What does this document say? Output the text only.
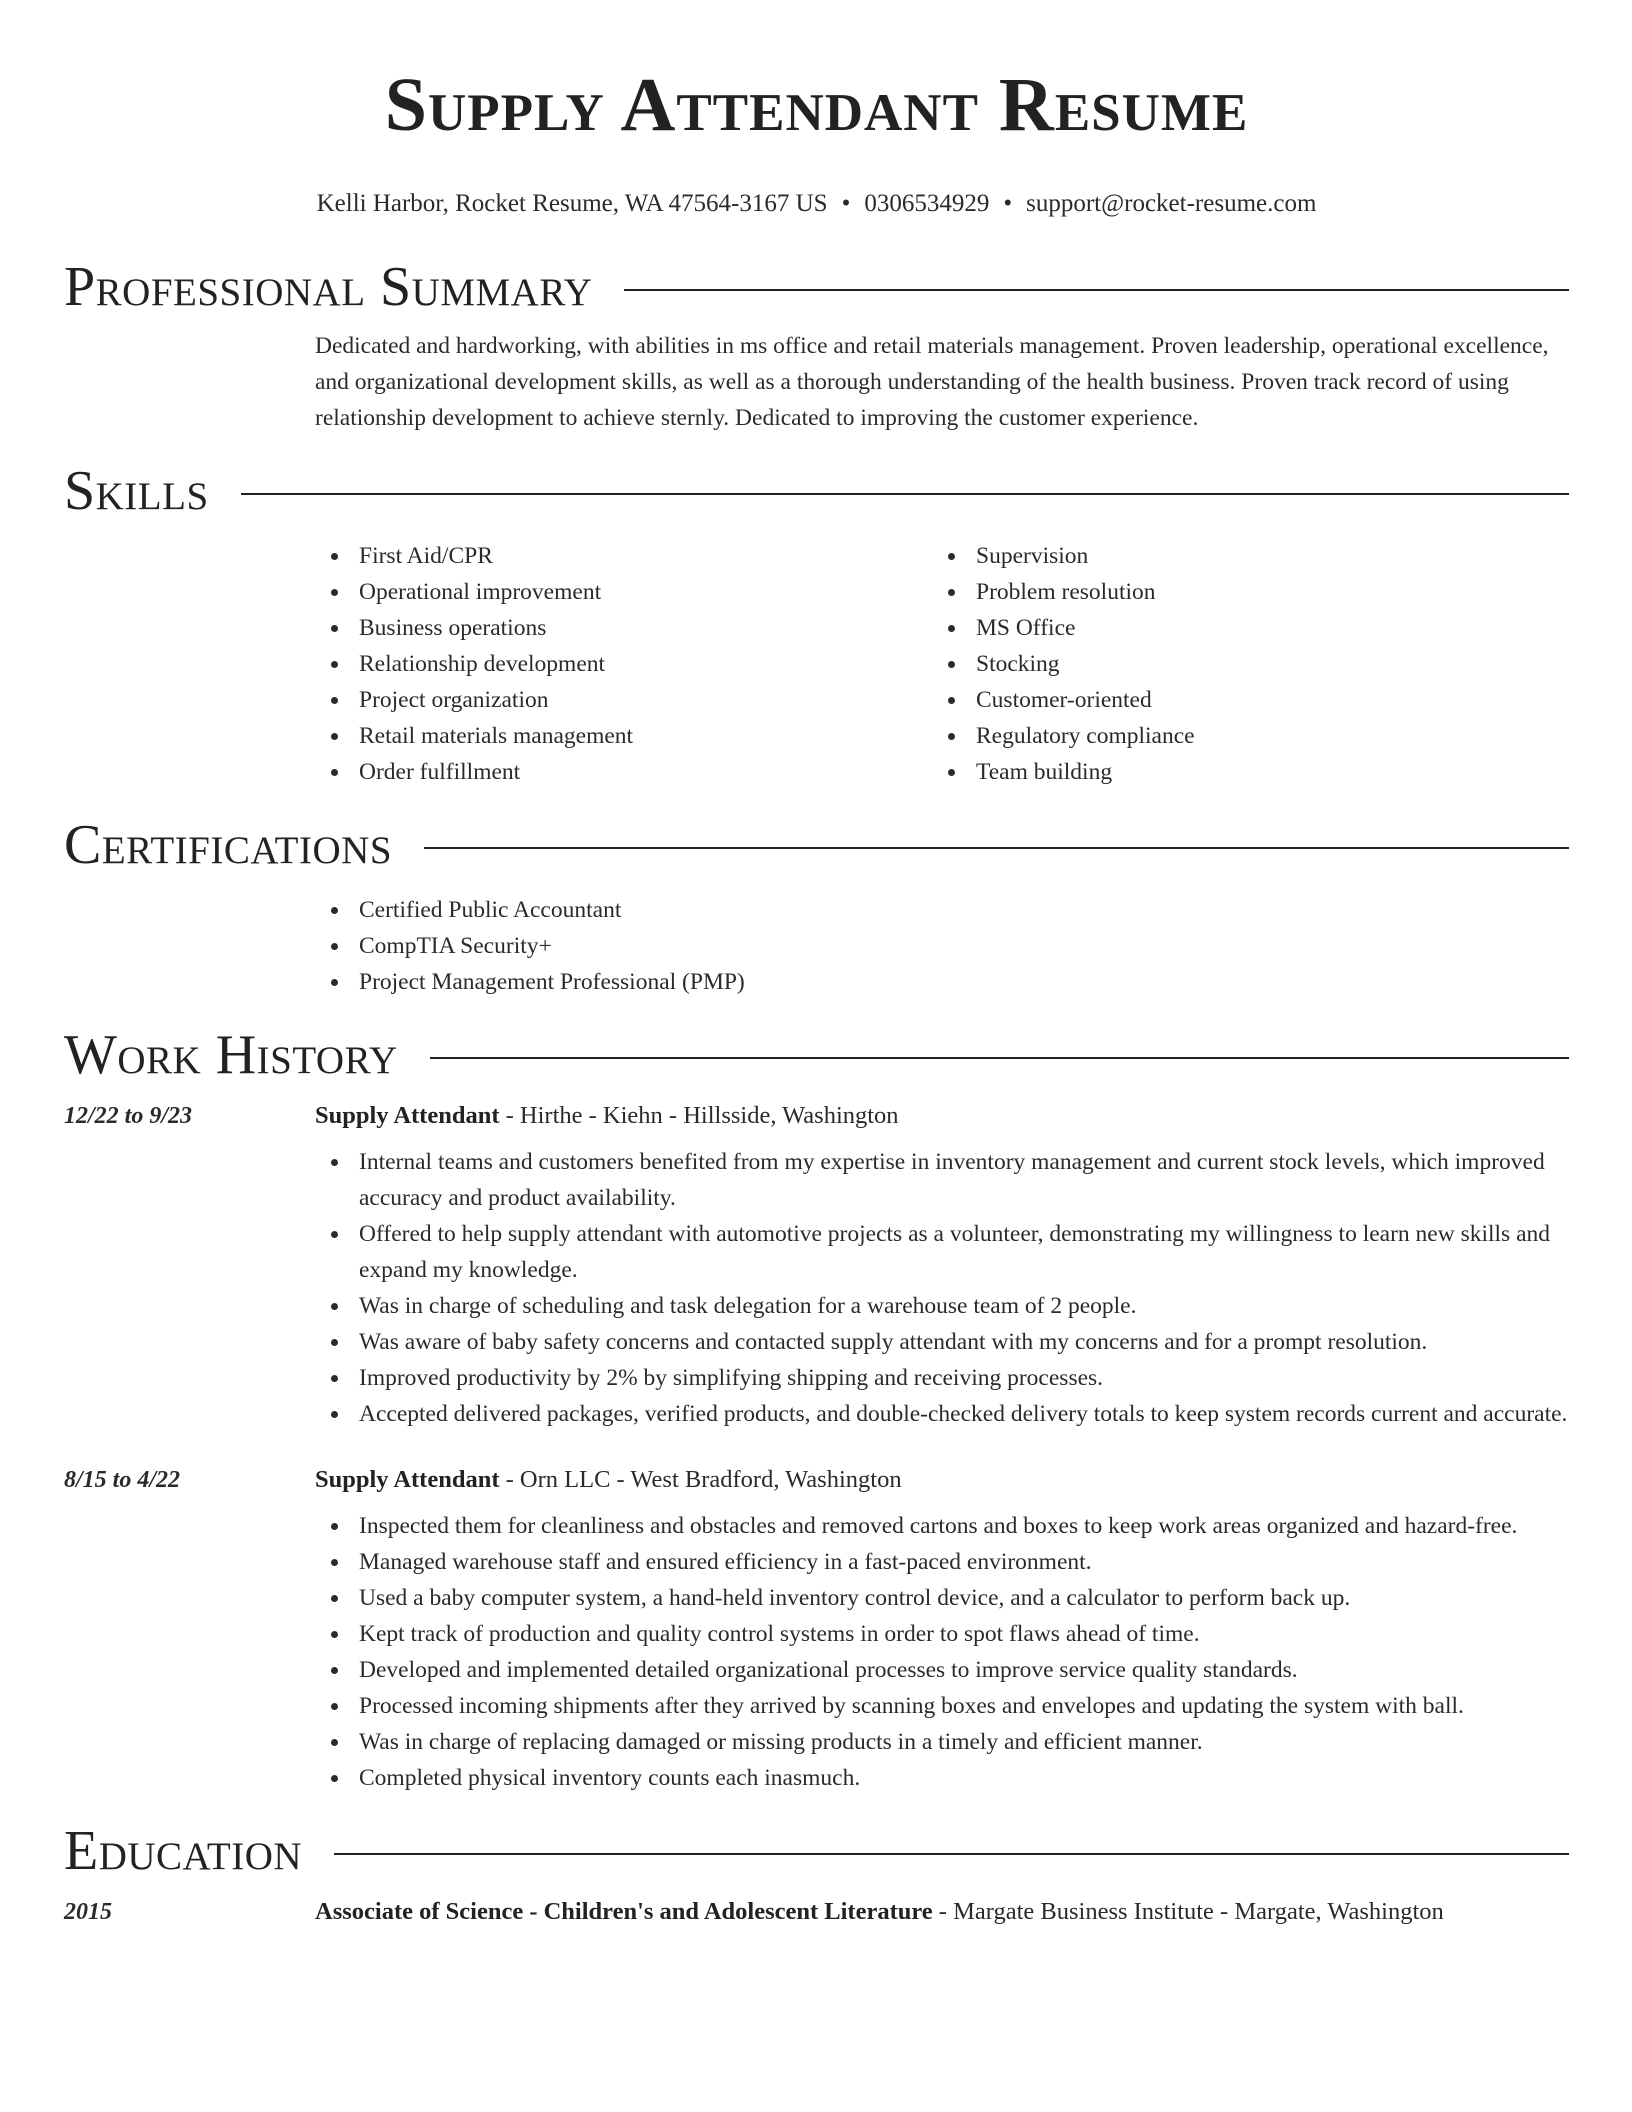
Supply Attendant Resume
Kelli Harbor, Rocket Resume, WA 47564-3167 US • 0306534929 • support@rocket-resume.com
Professional Summary

Dedicated and hardworking, with abilities in ms office and retail materials management. Proven leadership, operational excellence, and organizational development skills, as well as a thorough understanding of the health business. Proven track record of using relationship development to achieve sternly. Dedicated to improving the customer experience.

Skills
First Aid/CPR
Operational improvement
Business operations
Relationship development
Project organization
Retail materials management
Order fulfillment
Supervision
Problem resolution
MS Office
Stocking
Customer-oriented
Regulatory compliance
Team building
Certifications
Certified Public Accountant
CompTIA Security+
Project Management Professional (PMP)
Work History
12/22 to 9/23	Supply Attendant - Hirthe - Kiehn - Hillsside, Washington
Internal teams and customers benefited from my expertise in inventory management and current stock levels, which improved accuracy and product availability.
Offered to help supply attendant with automotive projects as a volunteer, demonstrating my willingness to learn new skills and expand my knowledge.
Was in charge of scheduling and task delegation for a warehouse team of 2 people.
Was aware of baby safety concerns and contacted supply attendant with my concerns and for a prompt resolution.
Improved productivity by 2% by simplifying shipping and receiving processes.
Accepted delivered packages, verified products, and double-checked delivery totals to keep system records current and accurate.
8/15 to 4/22	Supply Attendant - Orn LLC - West Bradford, Washington
Inspected them for cleanliness and obstacles and removed cartons and boxes to keep work areas organized and hazard-free.
Managed warehouse staff and ensured efficiency in a fast-paced environment.
Used a baby computer system, a hand-held inventory control device, and a calculator to perform back up.
Kept track of production and quality control systems in order to spot flaws ahead of time.
Developed and implemented detailed organizational processes to improve service quality standards.
Processed incoming shipments after they arrived by scanning boxes and envelopes and updating the system with ball.
Was in charge of replacing damaged or missing products in a timely and efficient manner.
Completed physical inventory counts each inasmuch.
Education
2015	Associate of Science - Children's and Adolescent Literature - Margate Business Institute - Margate, Washington
